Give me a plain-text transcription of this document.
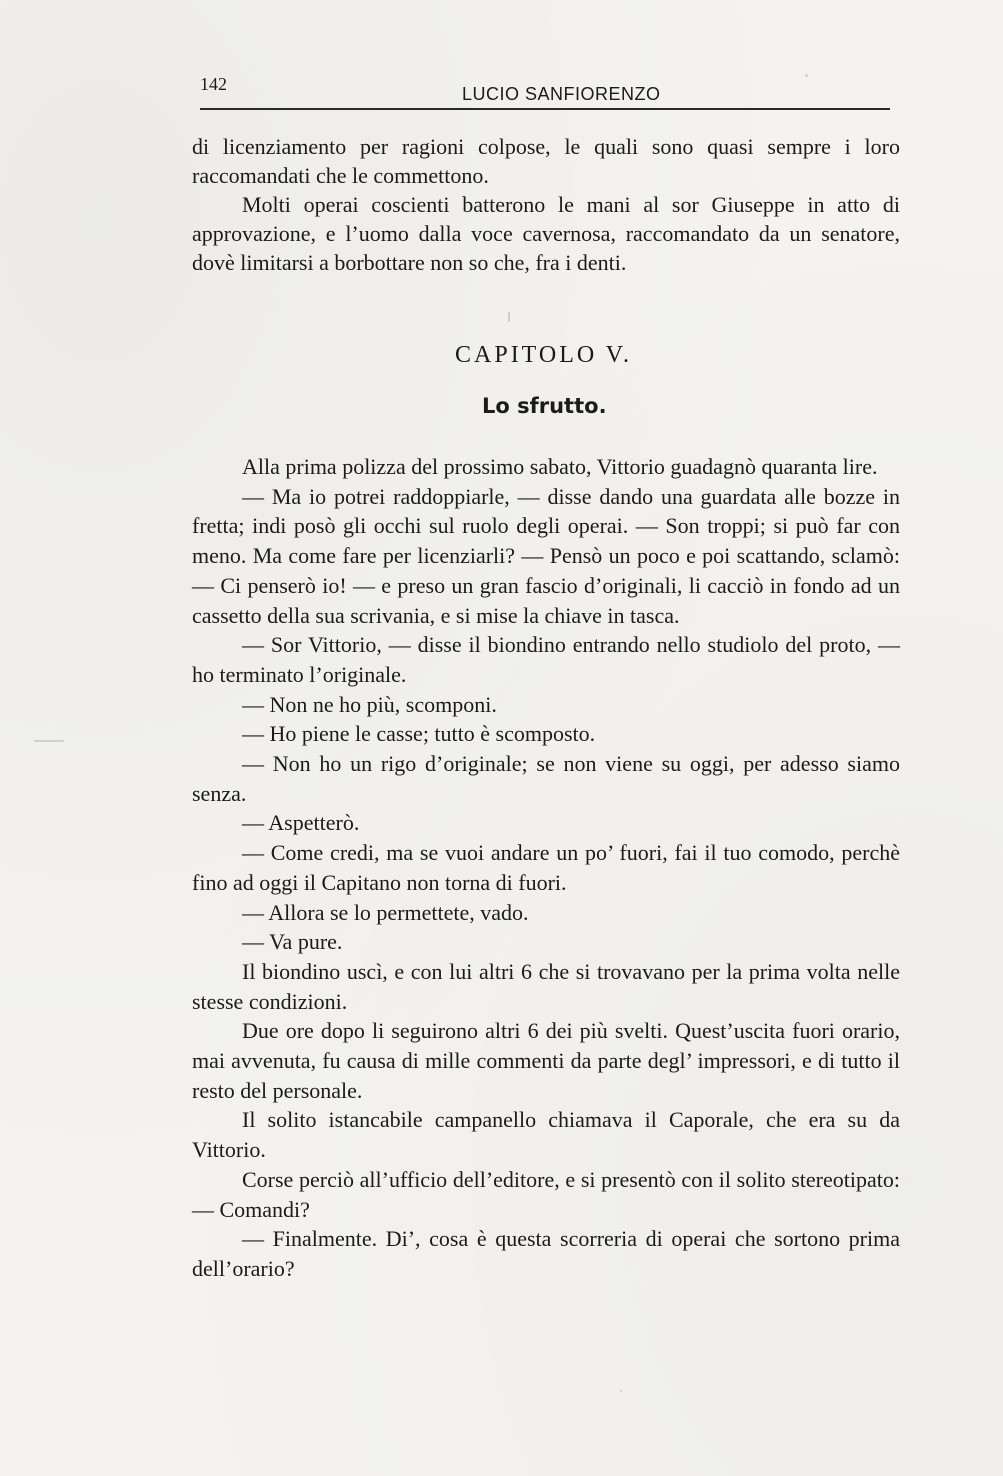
142	LUCIO SANFIORENZO

di licenziamento per ragioni colpose, le quali sono quasi sempre i loro raccomandati che le commettono.

Molti operai coscienti batterono le mani al sor Giuseppe in atto di approvazione, e l’uomo dalla voce cavernosa, raccomandato da un senatore, dovè limitarsi a borbottare non so che, fra i denti.

CAPITOLO V.
Lo sfrutto.

Alla prima polizza del prossimo sabato, Vittorio guadagnò quaranta lire.

— Ma io potrei raddoppiarle, — disse dando una guardata alle bozze in fretta; indi posò gli occhi sul ruolo degli operai. — Son troppi; si può far con meno. Ma come fare per licenziarli? — Pensò un poco e poi scattando, sclamò: — Ci penserò io! — e preso un gran fascio d’originali, li cacciò in fondo ad un cassetto della sua scrivania, e si mise la chiave in tasca.

— Sor Vittorio, — disse il biondino entrando nello studiolo del proto, — ho terminato l’originale.

— Non ne ho più, scomponi.

— Ho piene le casse; tutto è scomposto.

— Non ho un rigo d’originale; se non viene su oggi, per adesso siamo senza.

— Aspetterò.

— Come credi, ma se vuoi andare un po’ fuori, fai il tuo comodo, perchè fino ad oggi il Capitano non torna di fuori.

— Allora se lo permettete, vado.

— Va pure.

Il biondino uscì, e con lui altri 6 che si trovavano per la prima volta nelle stesse condizioni.

Due ore dopo li seguirono altri 6 dei più svelti. Quest’uscita fuori orario, mai avvenuta, fu causa di mille commenti da parte degl’ impressori, e di tutto il resto del personale.

Il solito istancabile campanello chiamava il Caporale, che era su da Vittorio.

Corse perciò all’ufficio dell’editore, e si presentò con il solito stereotipato: — Comandi?

— Finalmente. Di’, cosa è questa scorreria di operai che sortono prima dell’orario?
